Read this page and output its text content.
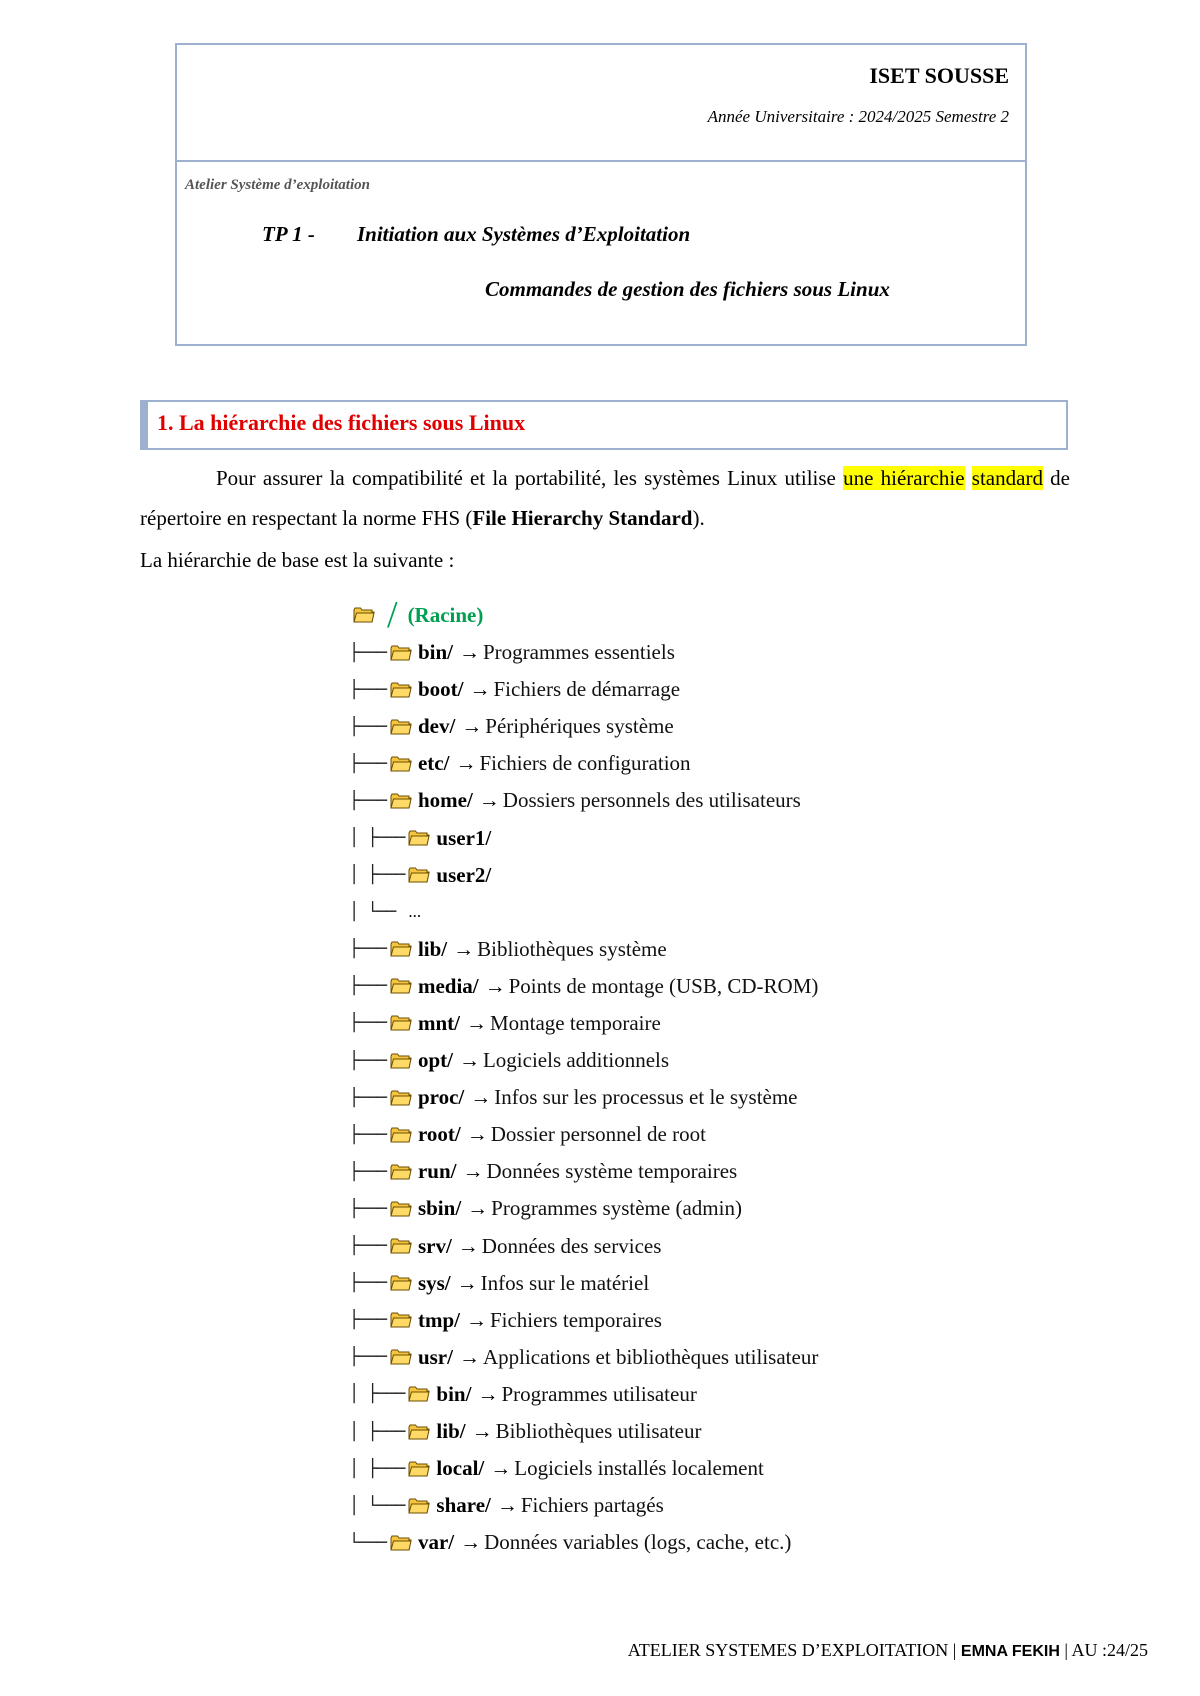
ISET SOUSSE
Année Universitaire : 2024/2025 Semestre 2
Atelier Système d’exploitation
TP 1 - Initiation aux Systèmes d’Exploitation
Commandes de gestion des fichiers sous Linux
1. La hiérarchie des fichiers sous Linux
Pour assurer la compatibilité et la portabilité, les systèmes Linux utilise une hiérarchie standard de répertoire en respectant la norme FHS (File Hierarchy Standard).
La hiérarchie de base est la suivante :
/ (Racine)
├─── bin/ → Programmes essentiels
├─── boot/ → Fichiers de démarrage
├─── dev/ → Périphériques système
├─── etc/ → Fichiers de configuration
├─── home/ → Dossiers personnels des utilisateurs
│ ├─── user1/
│ ├─── user2/
│ └── ...
├─── lib/ → Bibliothèques système
├─── media/ → Points de montage (USB, CD-ROM)
├─── mnt/ → Montage temporaire
├─── opt/ → Logiciels additionnels
├─── proc/ → Infos sur les processus et le système
├─── root/ → Dossier personnel de root
├─── run/ → Données système temporaires
├─── sbin/ → Programmes système (admin)
├─── srv/ → Données des services
├─── sys/ → Infos sur le matériel
├─── tmp/ → Fichiers temporaires
├─── usr/ → Applications et bibliothèques utilisateur
│ ├─── bin/ → Programmes utilisateur
│ ├─── lib/ → Bibliothèques utilisateur
│ ├─── local/ → Logiciels installés localement
│ └─── share/ → Fichiers partagés
└─── var/ → Données variables (logs, cache, etc.)
ATELIER SYSTEMES D’EXPLOITATION | EMNA FEKIH | AU :24/25
